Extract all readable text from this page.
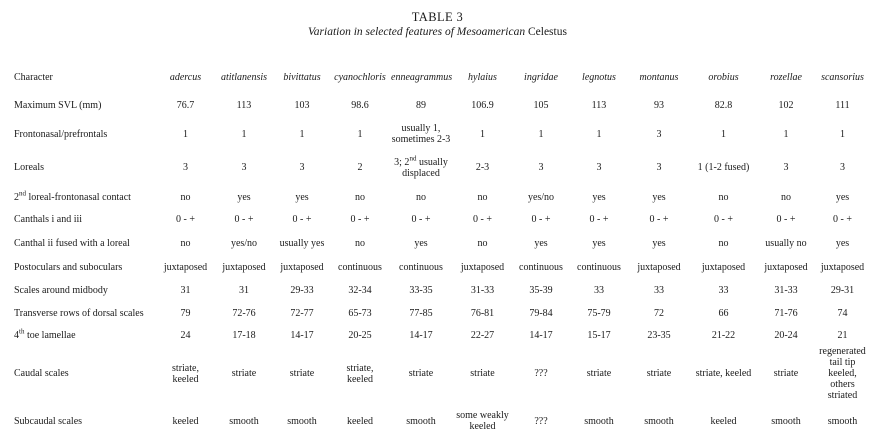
TABLE 3
Variation in selected features of Mesoamerican Celestus
Character	adercus	atitlanensis	bivittatus	cyanochloris	enneagrammus	hylaius	ingridae	legnotus	montanus	orobius	rozellae	scansorius
Maximum SVL (mm)	76.7	113	103	98.6	89	106.9	105	113	93	82.8	102	111
Frontonasal/prefrontals	1	1	1	1	usually 1, sometimes 2-3	1	1	1	3	1	1	1
Loreals	3	3	3	2	3; 2nd usually displaced	2-3	3	3	3	1 (1-2 fused)	3	3
2nd loreal-frontonasal contact	no	yes	yes	no	no	no	yes/no	yes	yes	no	no	yes
Canthals i and iii	0 - +	0 - +	0 - +	0 - +	0 - +	0 - +	0 - +	0 - +	0 - +	0 - +	0 - +	0 - +
Canthal ii fused with a loreal	no	yes/no	usually yes	no	yes	no	yes	yes	yes	no	usually no	yes
Postoculars and suboculars	juxtaposed	juxtaposed	juxtaposed	continuous	continuous	juxtaposed	continuous	continuous	juxtaposed	juxtaposed	juxtaposed	juxtaposed
Scales around midbody	31	31	29-33	32-34	33-35	31-33	35-39	33	33	33	31-33	29-31
Transverse rows of dorsal scales	79	72-76	72-77	65-73	77-85	76-81	79-84	75-79	72	66	71-76	74
4th toe lamellae	24	17-18	14-17	20-25	14-17	22-27	14-17	15-17	23-35	21-22	20-24	21
Caudal scales	striate, keeled	striate	striate	striate, keeled	striate	striate	???	striate	striate	striate, keeled	striate	regenerated tail tip keeled, others striated
Subcaudal scales	keeled	smooth	smooth	keeled	smooth	some weakly keeled	???	smooth	smooth	keeled	smooth	smooth
